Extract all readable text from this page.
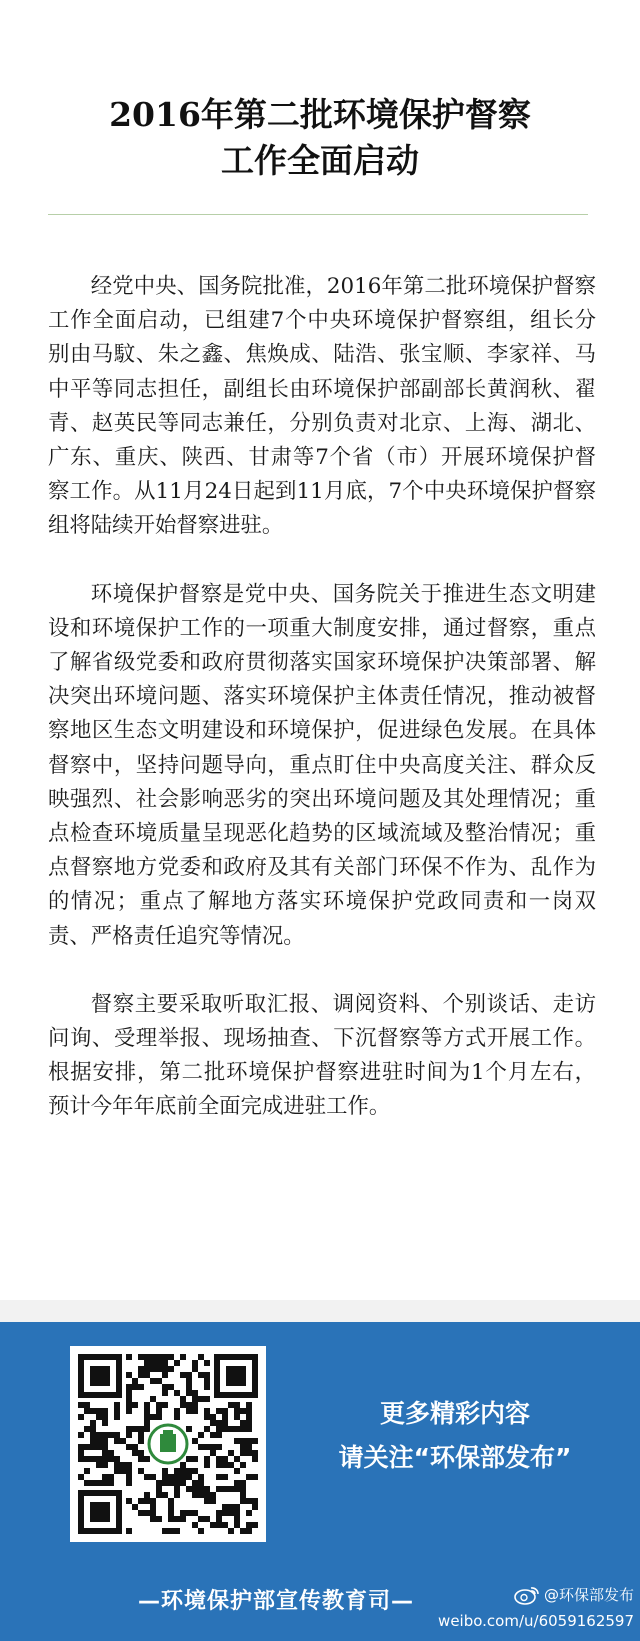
2016年第二批环境保护督察
工作全面启动

经党中央、国务院批准，2016年第二批环境保护督察工作全面启动，已组建7个中央环境保护督察组，组长分别由马馼、朱之鑫、焦焕成、陆浩、张宝顺、李家祥、马中平等同志担任，副组长由环境保护部副部长黄润秋、翟青、赵英民等同志兼任，分别负责对北京、上海、湖北、广东、重庆、陕西、甘肃等7个省（市）开展环境保护督察工作。从11月24日起到11月底，7个中央环境保护督察组将陆续开始督察进驻。

环境保护督察是党中央、国务院关于推进生态文明建设和环境保护工作的一项重大制度安排，通过督察，重点了解省级党委和政府贯彻落实国家环境保护决策部署、解决突出环境问题、落实环境保护主体责任情况，推动被督察地区生态文明建设和环境保护，促进绿色发展。在具体督察中，坚持问题导向，重点盯住中央高度关注、群众反映强烈、社会影响恶劣的突出环境问题及其处理情况；重点检查环境质量呈现恶化趋势的区域流域及整治情况；重点督察地方党委和政府及其有关部门环保不作为、乱作为的情况；重点了解地方落实环境保护党政同责和一岗双责、严格责任追究等情况。

督察主要采取听取汇报、调阅资料、个别谈话、走访问询、受理举报、现场抽查、下沉督察等方式开展工作。根据安排，第二批环境保护督察进驻时间为1个月左右，预计今年年底前全面完成进驻工作。

更多精彩内容
请关注“环保部发布”
—环境保护部宣传教育司—	@环保部发布
weibo.com/u/6059162597
